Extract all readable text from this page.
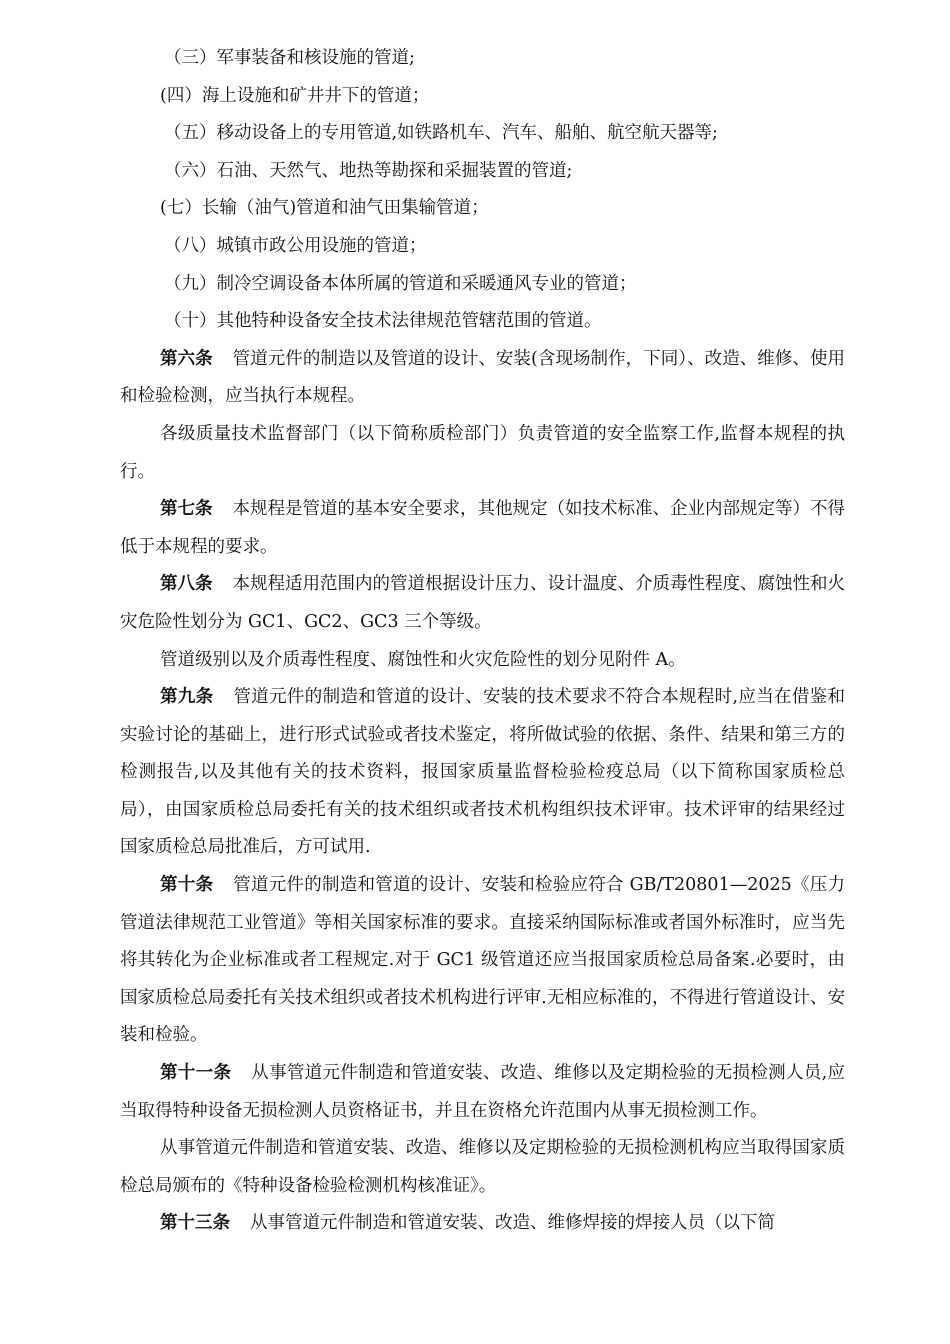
（三）军事装备和核设施的管道;
(四）海上设施和矿井井下的管道；
（五）移动设备上的专用管道,如铁路机车、汽车、船舶、航空航天器等;
（六）石油、天然气、地热等勘探和采掘装置的管道;
(七）长输（油气)管道和油气田集输管道；
（八）城镇市政公用设施的管道；
（九）制冷空调设备本体所属的管道和采暖通风专业的管道；
（十）其他特种设备安全技术法律规范管辖范围的管道。

第六条 管道元件的制造以及管道的设计、安装(含现场制作，下同）、改造、维修、使用和检验检测，应当执行本规程。

各级质量技术监督部门（以下简称质检部门）负责管道的安全监察工作,监督本规程的执行。

第七条 本规程是管道的基本安全要求，其他规定（如技术标准、企业内部规定等）不得低于本规程的要求。

第八条 本规程适用范围内的管道根据设计压力、设计温度、介质毒性程度、腐蚀性和火灾危险性划分为 GC1、GC2、GC3 三个等级。

管道级别以及介质毒性程度、腐蚀性和火灾危险性的划分见附件 A。

第九条 管道元件的制造和管道的设计、安装的技术要求不符合本规程时,应当在借鉴和实验讨论的基础上，进行形式试验或者技术鉴定，将所做试验的依据、条件、结果和第三方的检测报告,以及其他有关的技术资料，报国家质量监督检验检疫总局（以下简称国家质检总局），由国家质检总局委托有关的技术组织或者技术机构组织技术评审。技术评审的结果经过国家质检总局批准后，方可试用.

第十条 管道元件的制造和管道的设计、安装和检验应符合 GB/T20801—2025《压力管道法律规范工业管道》等相关国家标准的要求。直接采纳国际标准或者国外标准时，应当先将其转化为企业标准或者工程规定.对于 GC1 级管道还应当报国家质检总局备案.必要时，由国家质检总局委托有关技术组织或者技术机构进行评审.无相应标准的，不得进行管道设计、安装和检验。

第十一条 从事管道元件制造和管道安装、改造、维修以及定期检验的无损检测人员,应当取得特种设备无损检测人员资格证书，并且在资格允许范围内从事无损检测工作。

从事管道元件制造和管道安装、改造、维修以及定期检验的无损检测机构应当取得国家质检总局颁布的《特种设备检验检测机构核准证》。

第十三条 从事管道元件制造和管道安装、改造、维修焊接的焊接人员（以下简
